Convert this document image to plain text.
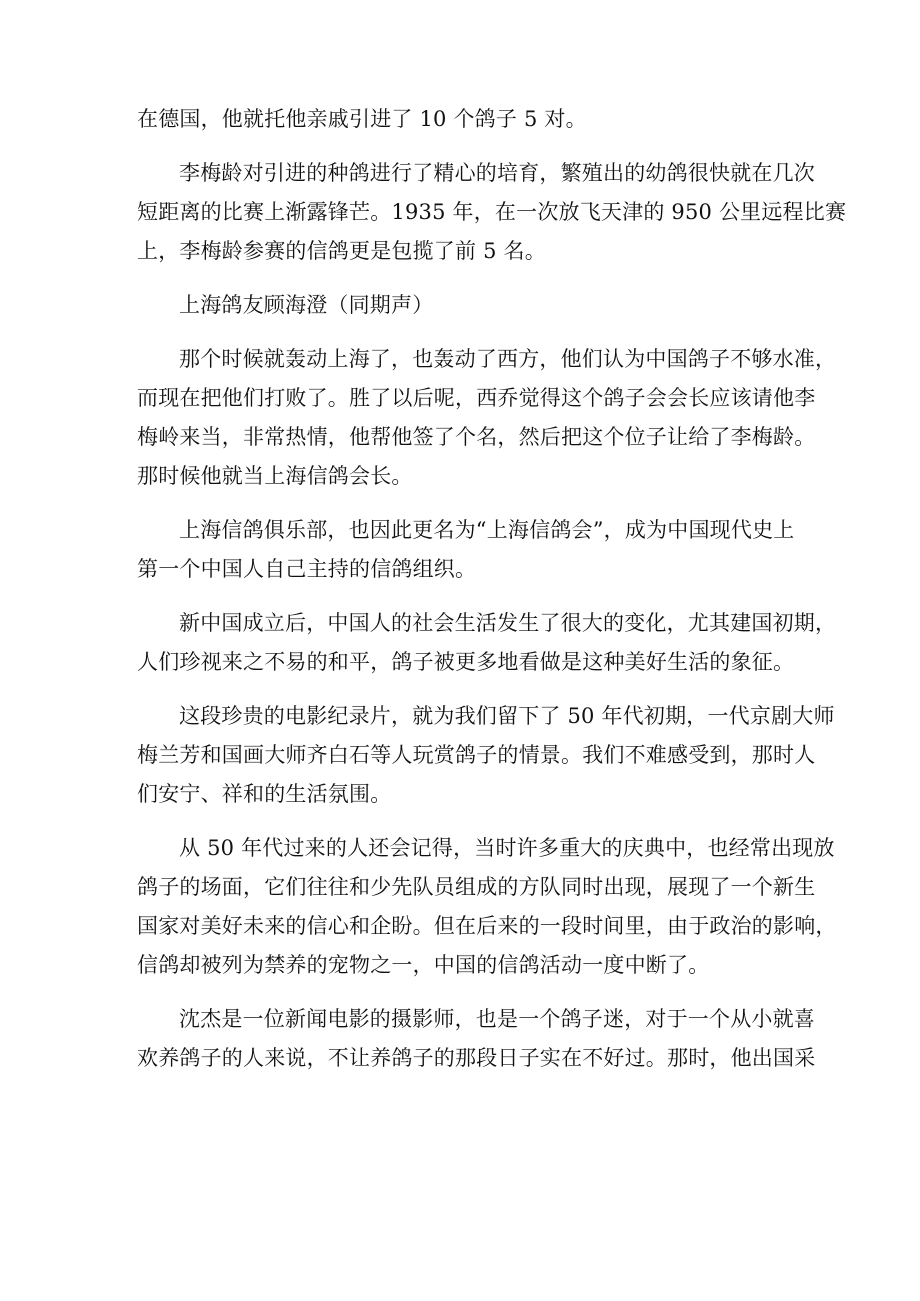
在德国，他就托他亲戚引进了 10 个鸽子 5 对。
李梅龄对引进的种鸽进行了精心的培育，繁殖出的幼鸽很快就在几次
短距离的比赛上渐露锋芒。1935 年，在一次放飞天津的 950 公里远程比赛
上，李梅龄参赛的信鸽更是包揽了前 5 名。
上海鸽友顾海澄（同期声）
那个时候就轰动上海了，也轰动了西方，他们认为中国鸽子不够水准，
而现在把他们打败了。胜了以后呢，西乔觉得这个鸽子会会长应该请他李
梅岭来当，非常热情，他帮他签了个名，然后把这个位子让给了李梅龄。
那时候他就当上海信鸽会长。
上海信鸽俱乐部，也因此更名为“上海信鸽会”，成为中国现代史上
第一个中国人自己主持的信鸽组织。
新中国成立后，中国人的社会生活发生了很大的变化，尤其建国初期，
人们珍视来之不易的和平，鸽子被更多地看做是这种美好生活的象征。
这段珍贵的电影纪录片，就为我们留下了 50 年代初期，一代京剧大师
梅兰芳和国画大师齐白石等人玩赏鸽子的情景。我们不难感受到，那时人
们安宁、祥和的生活氛围。
从 50 年代过来的人还会记得，当时许多重大的庆典中，也经常出现放
鸽子的场面，它们往往和少先队员组成的方队同时出现，展现了一个新生
国家对美好未来的信心和企盼。但在后来的一段时间里，由于政治的影响，
信鸽却被列为禁养的宠物之一，中国的信鸽活动一度中断了。
沈杰是一位新闻电影的摄影师，也是一个鸽子迷，对于一个从小就喜
欢养鸽子的人来说，不让养鸽子的那段日子实在不好过。那时，他出国采
